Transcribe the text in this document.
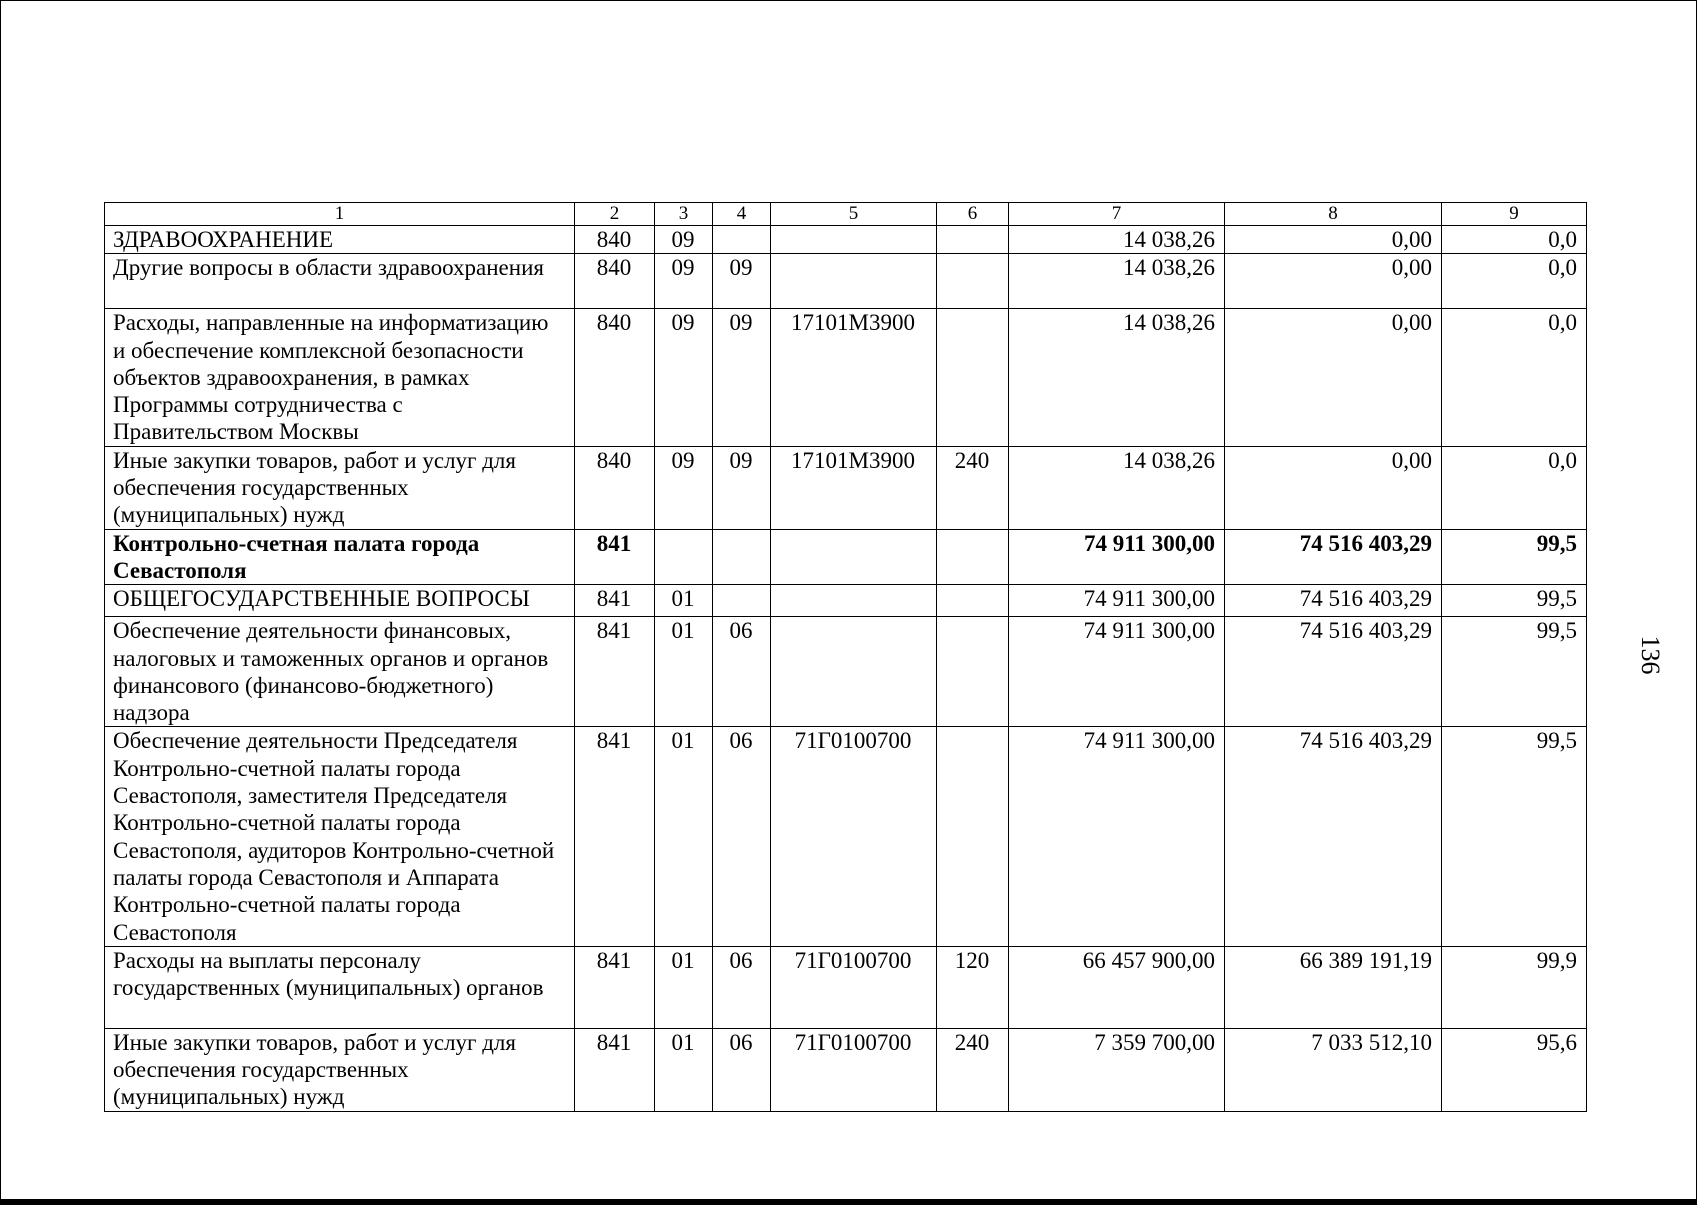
1	2	3	4	5	6	7	8	9
ЗДРАВООХРАНЕНИЕ	840	09				14 038,26	0,00	0,0
Другие вопросы в области здравоохранения	840	09	09			14 038,26	0,00	0,0
Расходы, направленные на информатизацию и обеспечение комплексной безопасности объектов здравоохранения, в рамках Программы сотрудничества с Правительством Москвы	840	09	09	17101М3900		14 038,26	0,00	0,0
Иные закупки товаров, работ и услуг для обеспечения государственных (муниципальных) нужд	840	09	09	17101М3900	240	14 038,26	0,00	0,0
Контрольно-счетная палата города Севастополя	841					74 911 300,00	74 516 403,29	99,5
ОБЩЕГОСУДАРСТВЕННЫЕ ВОПРОСЫ	841	01				74 911 300,00	74 516 403,29	99,5
Обеспечение деятельности финансовых, налоговых и таможенных органов и органов финансового (финансово-бюджетного) надзора	841	01	06			74 911 300,00	74 516 403,29	99,5
Обеспечение деятельности Председателя Контрольно-счетной палаты города Севастополя, заместителя Председателя Контрольно-счетной палаты города Севастополя, аудиторов Контрольно-счетной палаты города Севастополя и Аппарата Контрольно-счетной палаты города Севастополя	841	01	06	71Г0100700		74 911 300,00	74 516 403,29	99,5
Расходы на выплаты персоналу государственных (муниципальных) органов	841	01	06	71Г0100700	120	66 457 900,00	66 389 191,19	99,9
Иные закупки товаров, работ и услуг для обеспечения государственных (муниципальных) нужд	841	01	06	71Г0100700	240	7 359 700,00	7 033 512,10	95,6
136
